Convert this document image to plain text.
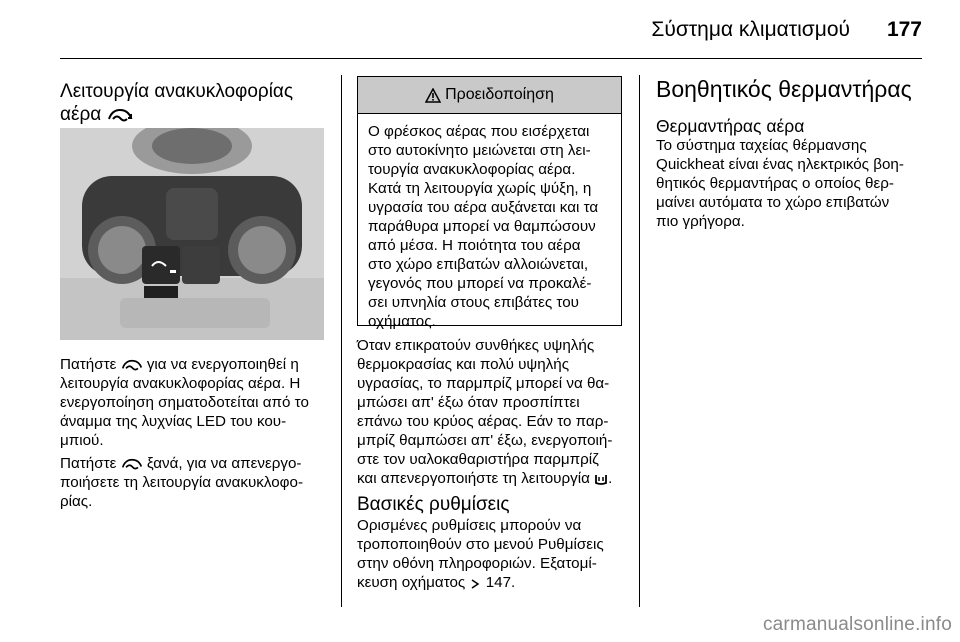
Σύστημα κλιματισμού 177

Λειτουργία ανακυκλοφορίας

αέρα

Πατήστε για να ενεργοποιηθεί η

λειτουργία ανακυκλοφορίας αέρα. Η

ενεργοποίηση σηματοδοτείται από το

άναμμα της λυχνίας LED του κου-

μπιού.

Πατήστε ξανά, για να απενεργο-

ποιήσετε τη λειτουργία ανακυκλοφο-

ρίας.

Προειδοποίηση

Ο φρέσκος αέρας που εισέρχεται

στο αυτοκίνητο μειώνεται στη λει-

τουργία ανακυκλοφορίας αέρα.

Κατά τη λειτουργία χωρίς ψύξη, η

υγρασία του αέρα αυξάνεται και τα

παράθυρα μπορεί να θαμπώσουν

από μέσα. Η ποιότητα του αέρα

στο χώρο επιβατών αλλοιώνεται,

γεγονός που μπορεί να προκαλέ-

σει υπνηλία στους επιβάτες του

οχήματος.

Όταν επικρατούν συνθήκες υψηλής

θερμοκρασίας και πολύ υψηλής

υγρασίας, το παρμπρίζ μπορεί να θα-

μπώσει απ' έξω όταν προσπίπτει

επάνω του κρύος αέρας. Εάν το παρ-

μπρίζ θαμπώσει απ' έξω, ενεργοποιή-

στε τον υαλοκαθαριστήρα παρμπρίζ

και απενεργοποιήστε τη λειτουργία .

Βασικές ρυθμίσεις

Ορισμένες ρυθμίσεις μπορούν να

τροποποιηθούν στο μενού Ρυθμίσεις

στην οθόνη πληροφοριών. Εξατομί-

κευση οχήματος 147.

Βοηθητικός θερμαντήρας

Θερμαντήρας αέρα

Το σύστημα ταχείας θέρμανσης

Quickheat είναι ένας ηλεκτρικός βοη-

θητικός θερμαντήρας ο οποίος θερ-

μαίνει αυτόματα το χώρο επιβατών

πιο γρήγορα.

carmanualsonline.info
